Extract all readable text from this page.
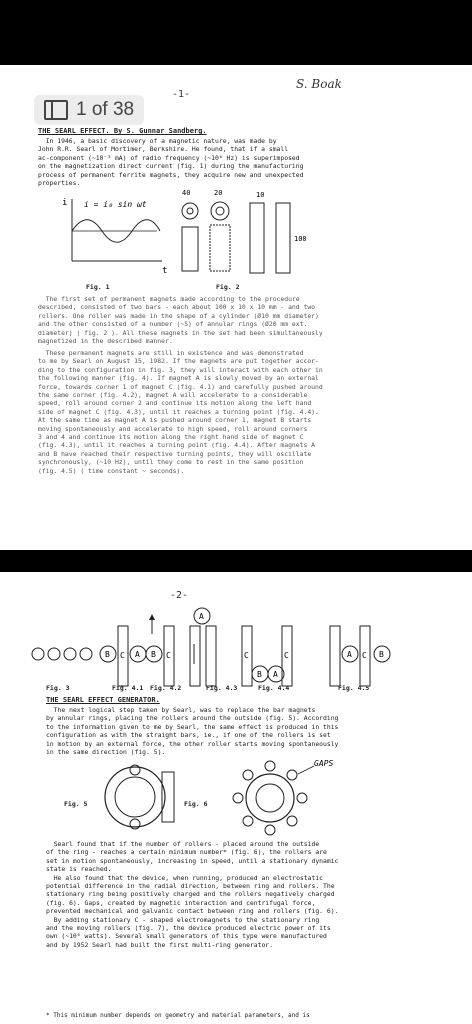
1 of 38
-1-
S. Boak
THE SEARL EFFECT. By S. Gunnar Sandberg.
In 1946, a basic discovery of a magnetic nature, was made by
John R.R. Searl of Mortimer, Berkshire. He found, that if a small
ac-component (~10⁻³ mA) of radio frequency (~10⁶ Hz) is superimposed
on the magnetization direct current (fig. 1) during the manufacturing
process of permanent ferrite magnets, they acquire new and unexpected
properties.
i i = i₀ sin ωt
t
Fig. 1
40	20	10
100
Fig. 2
The first set of permanent magnets made according to the procedure
described, consisted of two bars - each about 100 x 10 x 10 mm - and two
rollers. One roller was made in the shape of a cylinder (Ø10 mm diameter)
and the other consisted of a number (~5) of annular rings (Ø20 mm ext.
diameter) ( fig. 2 ). All these magnets in the set had been simultaneously
magnetized in the described manner.
These permanent magnets are still in existence and was demonstrated
to me by Searl on August 15, 1982. If the magnets are put together accor-
ding to the configuration in fig. 3, they will interact with each other in
the following manner (fig. 4). If magnet A is slowly moved by an external
force, towards corner 1 of magnet C (fig. 4.1) and carefully pushed around
the same corner (fig. 4.2), magnet A will accelerate to a considerable
speed, roll around corner 2 and continue its motion along the left hand
side of magnet C (fig. 4.3), until it reaches a turning point (fig. 4.4).
At the same time as magnet A is pushed around corner 1, magnet B starts
moving spontaneously and accelerate to high speed, roll around corners
3 and 4 and continue its motion along the right hand side of magnet C
(fig. 4.3), until it reaches a turning point (fig. 4.4). After magnets A
and B have reached their respective turning points, they will oscillate
synchronously, (~10 Hz), until they come to rest in the same position
(fig. 4.5) ( time constant ~ seconds).
-2-
B C A B C
A
C
B A
C	A C B
Fig. 3	Fig. 4.1 Fig. 4.2	Fig. 4.3	Fig. 4.4	Fig. 4.5
THE SEARL EFFECT GENERATOR.
The next logical step taken by Searl, was to replace the bar magnets
by annular rings, placing the rollers around the outside (fig. 5). According
to the information given to me by Searl, the same effect is produced in this
configuration as with the straight bars, ie., if one of the rollers is set
in motion by an external force, the other roller starts moving spontaneously
in the same direction (fig. 5).
Fig. 5
GAPS
Fig. 6
Searl found that if the number of rollers - placed around the outside
of the ring - reaches a certain minimum number* (fig. 6), the rollers are
set in motion spontaneously, increasing in speed, until a stationary dynamic
state is reached.
He also found that the device, when running, produced an electrostatic
potential difference in the radial direction, between ring and rollers. The
stationary ring being positively charged and the rollers negatively charged
(fig. 6). Gaps, created by magnetic interaction and centrifugal force,
prevented mechanical and galvanic contact between ring and rollers (fig. 6).
By adding stationary C - shaped electromagnets to the stationary ring
and the moving rollers (fig. 7), the device produced electric power of its
own (~10⁶ watts). Several small generators of this type were manufactured
and by 1952 Searl had built the first multi-ring generator.
* This minimum number depends on geometry and material parameters, and is
